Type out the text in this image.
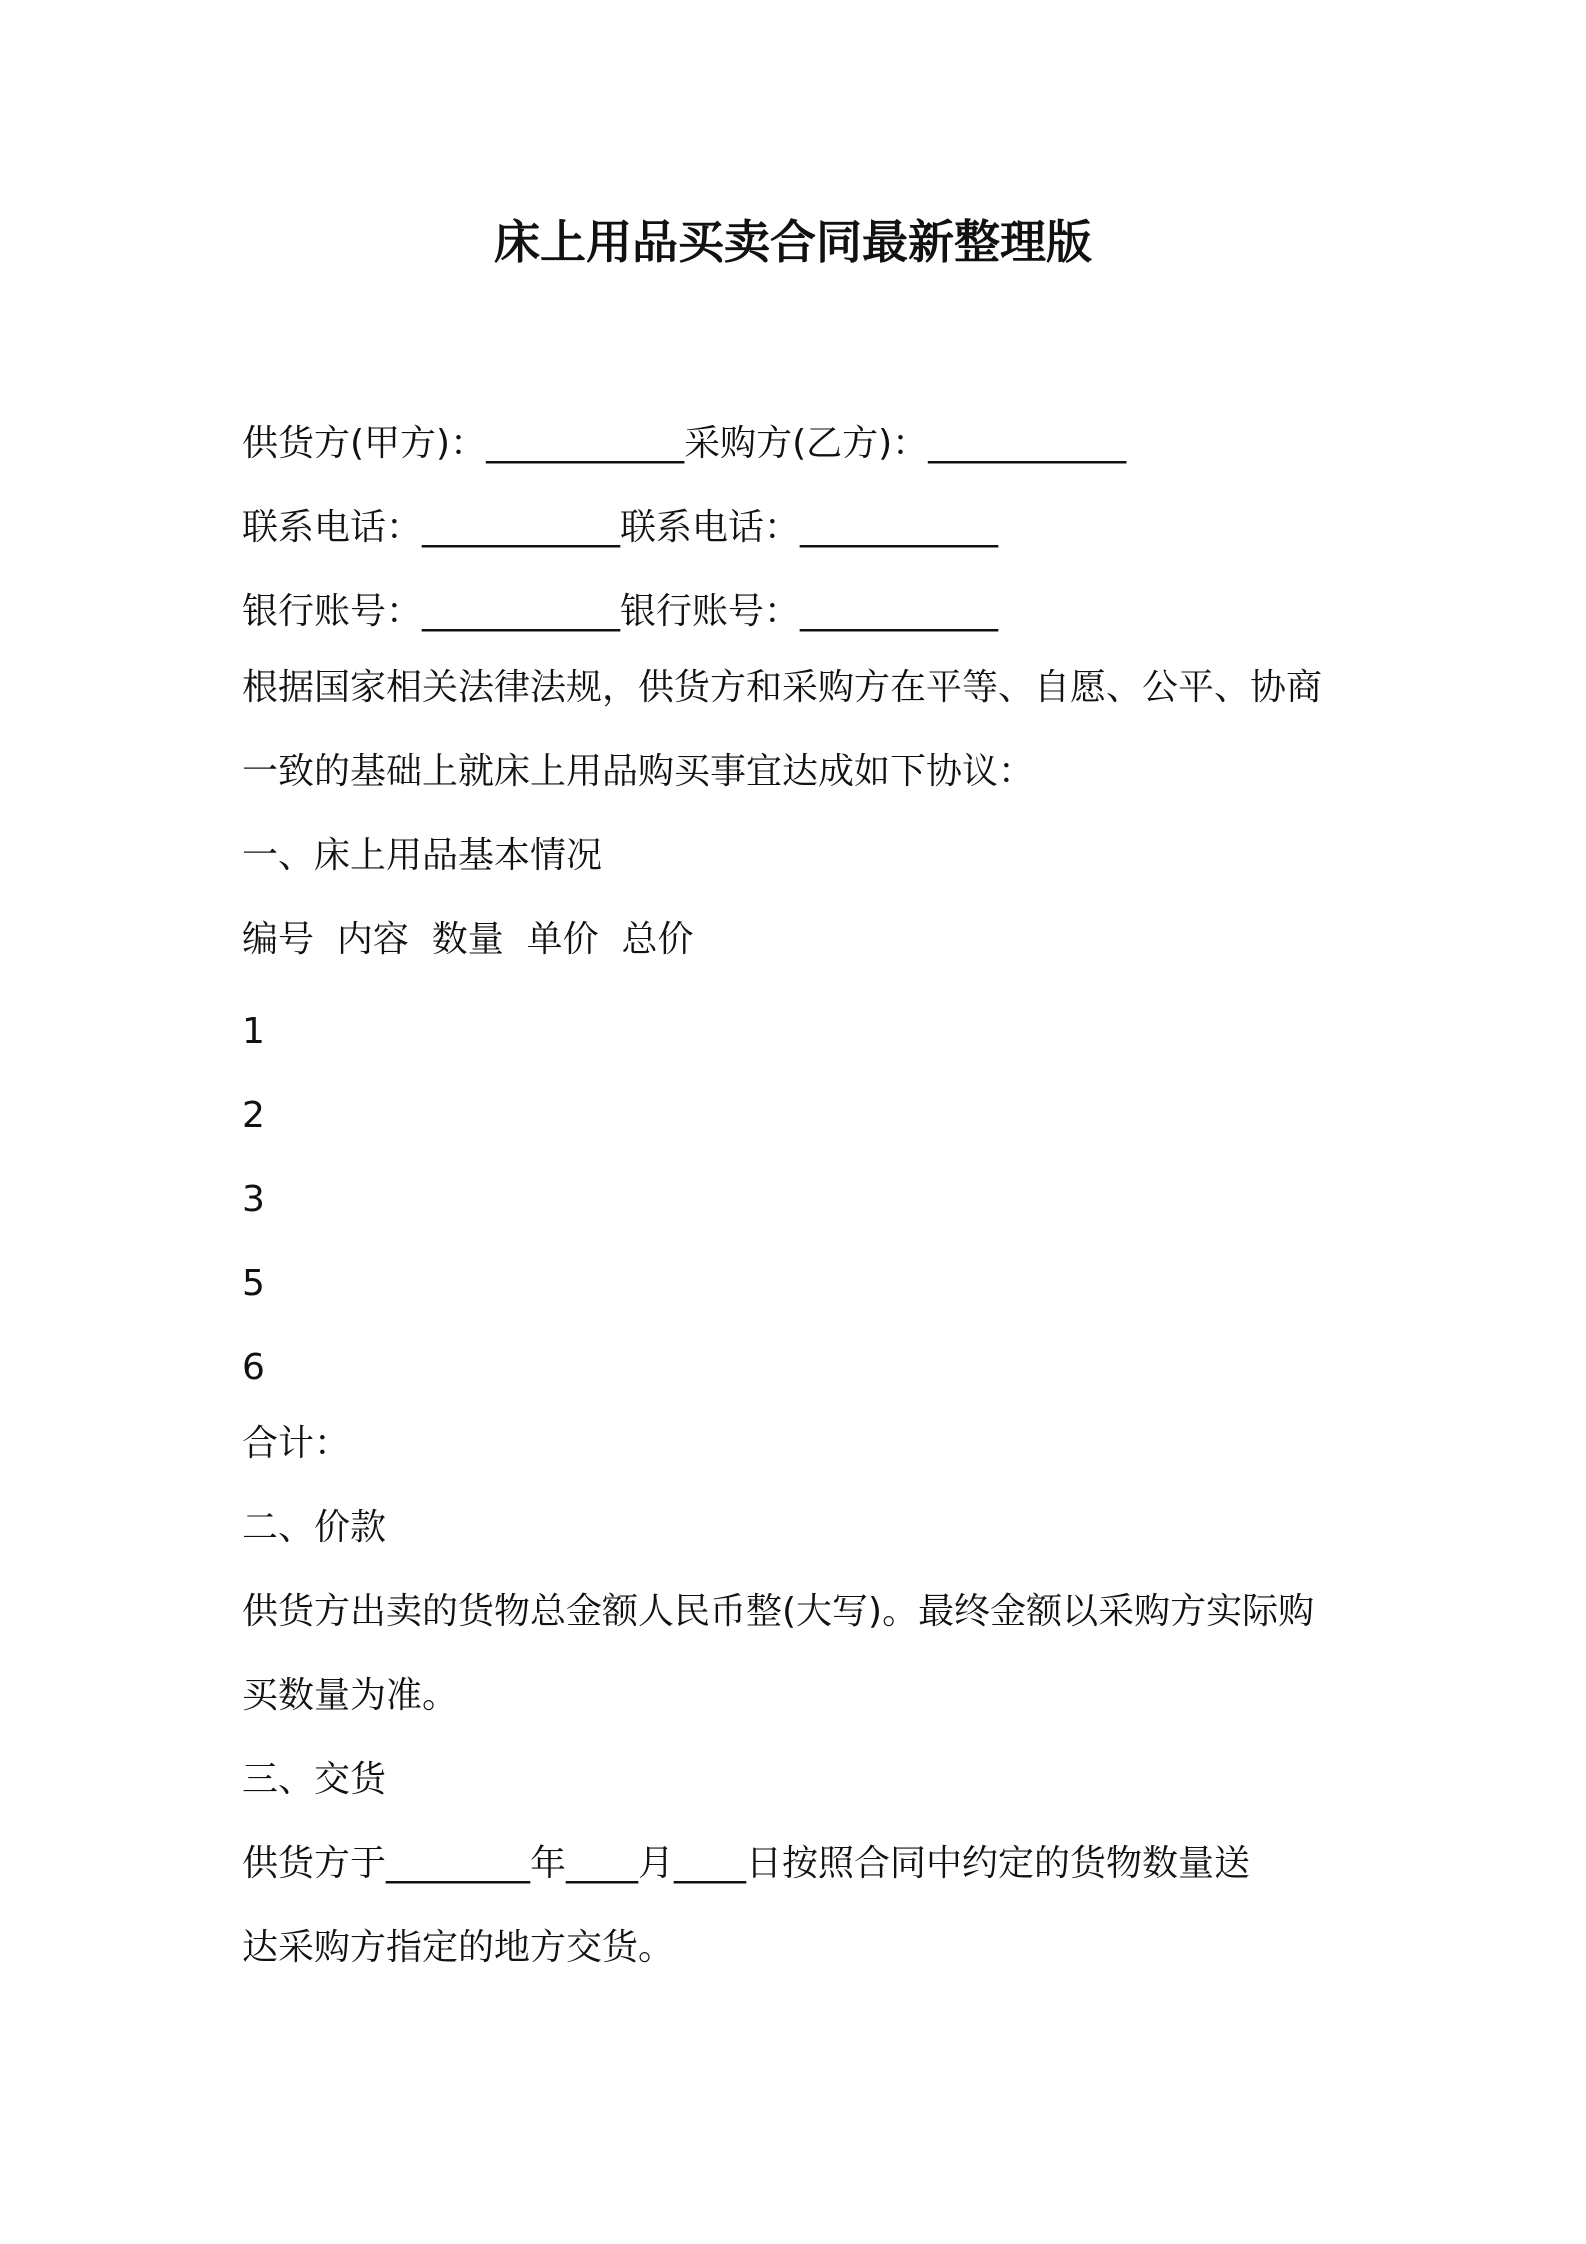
床上用品买卖合同最新整理版
供货方(甲方)：___________采购方(乙方)：___________
联系电话：___________联系电话：___________
银行账号：___________银行账号：___________
根据国家相关法律法规，供货方和采购方在平等、自愿、公平、协商
一致的基础上就床上用品购买事宜达成如下协议：
一、床上用品基本情况
编号  内容  数量  单价  总价
1
2
3
5
6
合计：
二、价款
供货方出卖的货物总金额人民币整(大写)。最终金额以采购方实际购
买数量为准。
三、交货
供货方于________年____月____日按照合同中约定的货物数量送
达采购方指定的地方交货。
